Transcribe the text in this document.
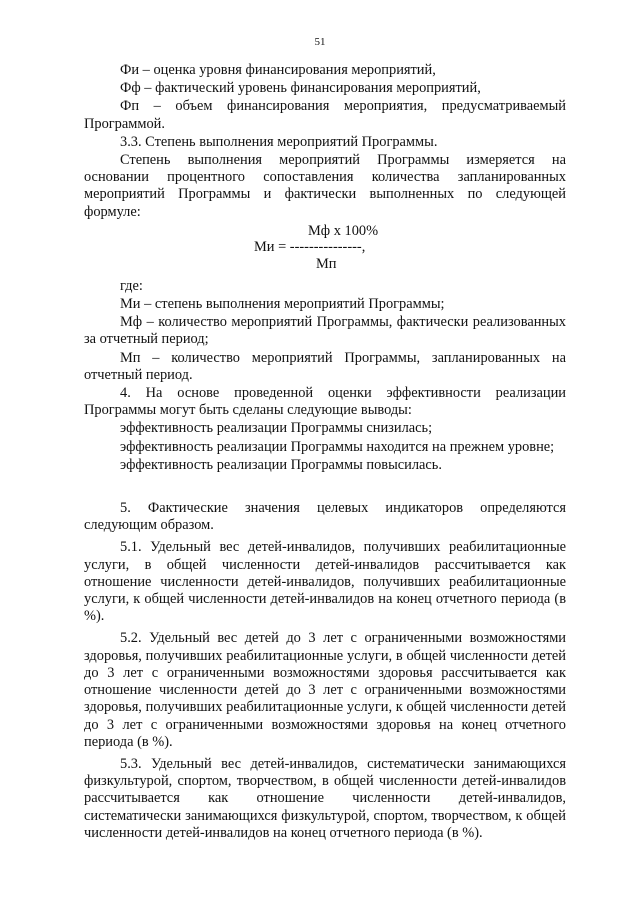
51

Фи – оценка уровня финансирования мероприятий,

Фф – фактический уровень финансирования мероприятий,

Фп – объем финансирования мероприятия, предусматриваемый Программой.

3.3. Степень выполнения мероприятий Программы.

Степень выполнения мероприятий Программы измеряется на основании процентного сопоставления количества запланированных мероприятий Программы и фактически выполненных по следующей формуле:

Мф х 100%
Ми = ---------------,
Мп

где:

Ми – степень выполнения мероприятий Программы;

Мф – количество мероприятий Программы, фактически реализованных за отчетный период;

Мп – количество мероприятий Программы, запланированных на отчетный период.

4. На основе проведенной оценки эффективности реализации Программы могут быть сделаны следующие выводы:

эффективность реализации Программы снизилась;

эффективность реализации Программы находится на прежнем уровне;

эффективность реализации Программы повысилась.

5. Фактические значения целевых индикаторов определяются следующим образом.

5.1. Удельный вес детей-инвалидов, получивших реабилитационные услуги, в общей численности детей-инвалидов рассчитывается как отношение численности детей-инвалидов, получивших реабилитационные услуги, к общей численности детей-инвалидов на конец отчетного периода (в %).

5.2. Удельный вес детей до 3 лет с ограниченными возможностями здоровья, получивших реабилитационные услуги, в общей численности детей до 3 лет с ограниченными возможностями здоровья рассчитывается как отношение численности детей до 3 лет с ограниченными возможностями здоровья, получивших реабилитационные услуги, к общей численности детей до 3 лет с ограниченными возможностями здоровья на конец отчетного периода (в %).

5.3. Удельный вес детей-инвалидов, систематически занимающихся физкультурой, спортом, творчеством, в общей численности детей-инвалидов рассчитывается как отношение численности детей-инвалидов, систематически занимающихся физкультурой, спортом, творчеством, к общей численности детей-инвалидов на конец отчетного периода (в %).
